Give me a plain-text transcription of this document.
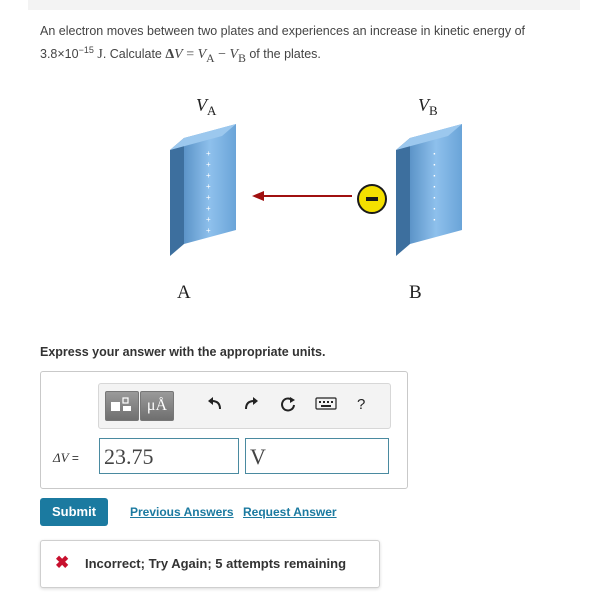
An electron moves between two plates and experiences an increase in kinetic energy of
$3.8\times 10^{-15}$ J. Calculate $\Delta V = V_A - V_B$ of the plates.
+
+
+
+
+
+
+
+
·
·
·
·
·
·
·
$V_A$	$V_B$
A	B
Express your answer with the appropriate units.
μÅ	?
ΔV = 23.75	V
Submit	Previous Answers Request Answer
✖ Incorrect; Try Again; 5 attempts remaining
